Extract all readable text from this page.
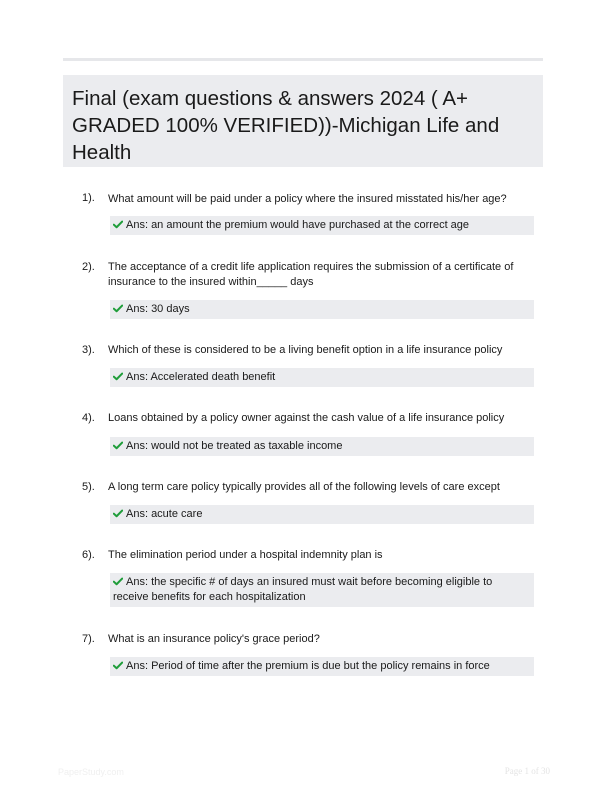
Final (exam questions & answers 2024 ( A+ GRADED 100% VERIFIED))-Michigan Life and Health
1). What amount will be paid under a policy where the insured misstated his/her age?
Ans: an amount the premium would have purchased at the correct age
2). The acceptance of a credit life application requires the submission of a certificate of insurance to the insured within_____ days
Ans: 30 days
3). Which of these is considered to be a living benefit option in a life insurance policy
Ans: Accelerated death benefit
4). Loans obtained by a policy owner against the cash value of a life insurance policy
Ans: would not be treated as taxable income
5). A long term care policy typically provides all of the following levels of care except
Ans: acute care
6). The elimination period under a hospital indemnity plan is
Ans: the specific # of days an insured must wait before becoming eligible to receive benefits for each hospitalization
7). What is an insurance policy's grace period?
Ans: Period of time after the premium is due but the policy remains in force
PaperStudy.com	Page 1 of 30
